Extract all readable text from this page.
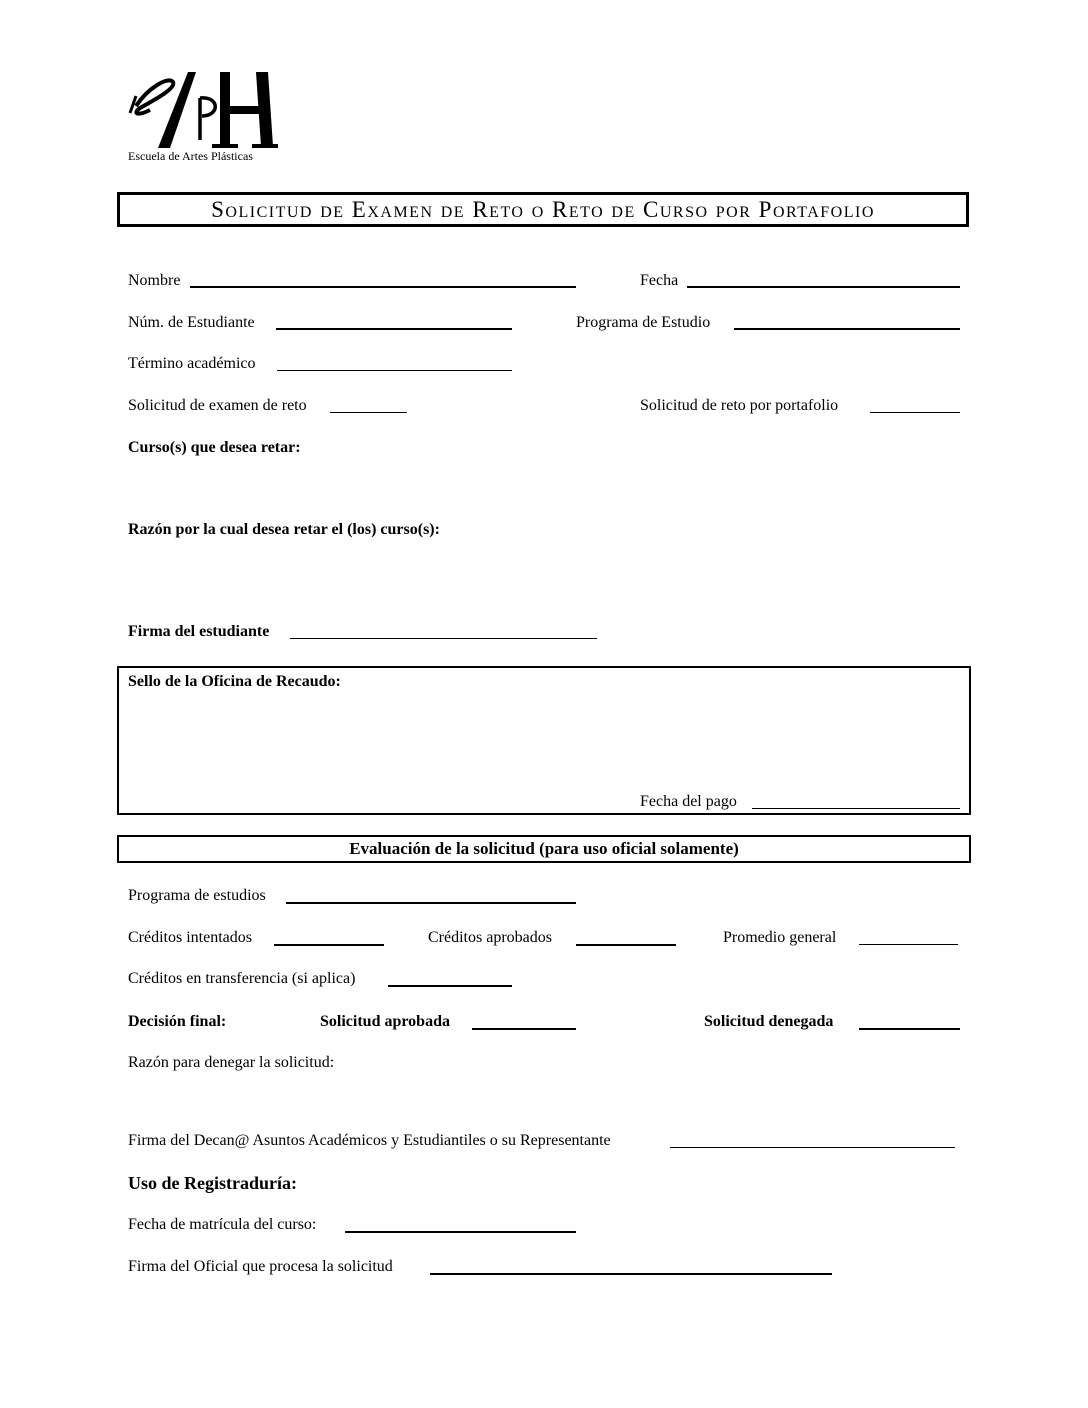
Escuela de Artes Plásticas
Solicitud de Examen de Reto o Reto de Curso por Portafolio
Nombre	Fecha
Núm. de Estudiante	Programa de Estudio
Término académico
Solicitud de examen de reto	Solicitud de reto por portafolio
Curso(s) que desea retar:
Razón por la cual desea retar el (los) curso(s):
Firma del estudiante
Sello de la Oficina de Recaudo:
Fecha del pago
Evaluación de la solicitud (para uso oficial solamente)
Programa de estudios
Créditos intentados	Créditos aprobados	Promedio general
Créditos en transferencia (si aplica)
Decisión final:	Solicitud aprobada	Solicitud denegada
Razón para denegar la solicitud:
Firma del Decan@ Asuntos Académicos y Estudiantiles o su Representante
Uso de Registraduría:
Fecha de matrícula del curso:
Firma del Oficial que procesa la solicitud
